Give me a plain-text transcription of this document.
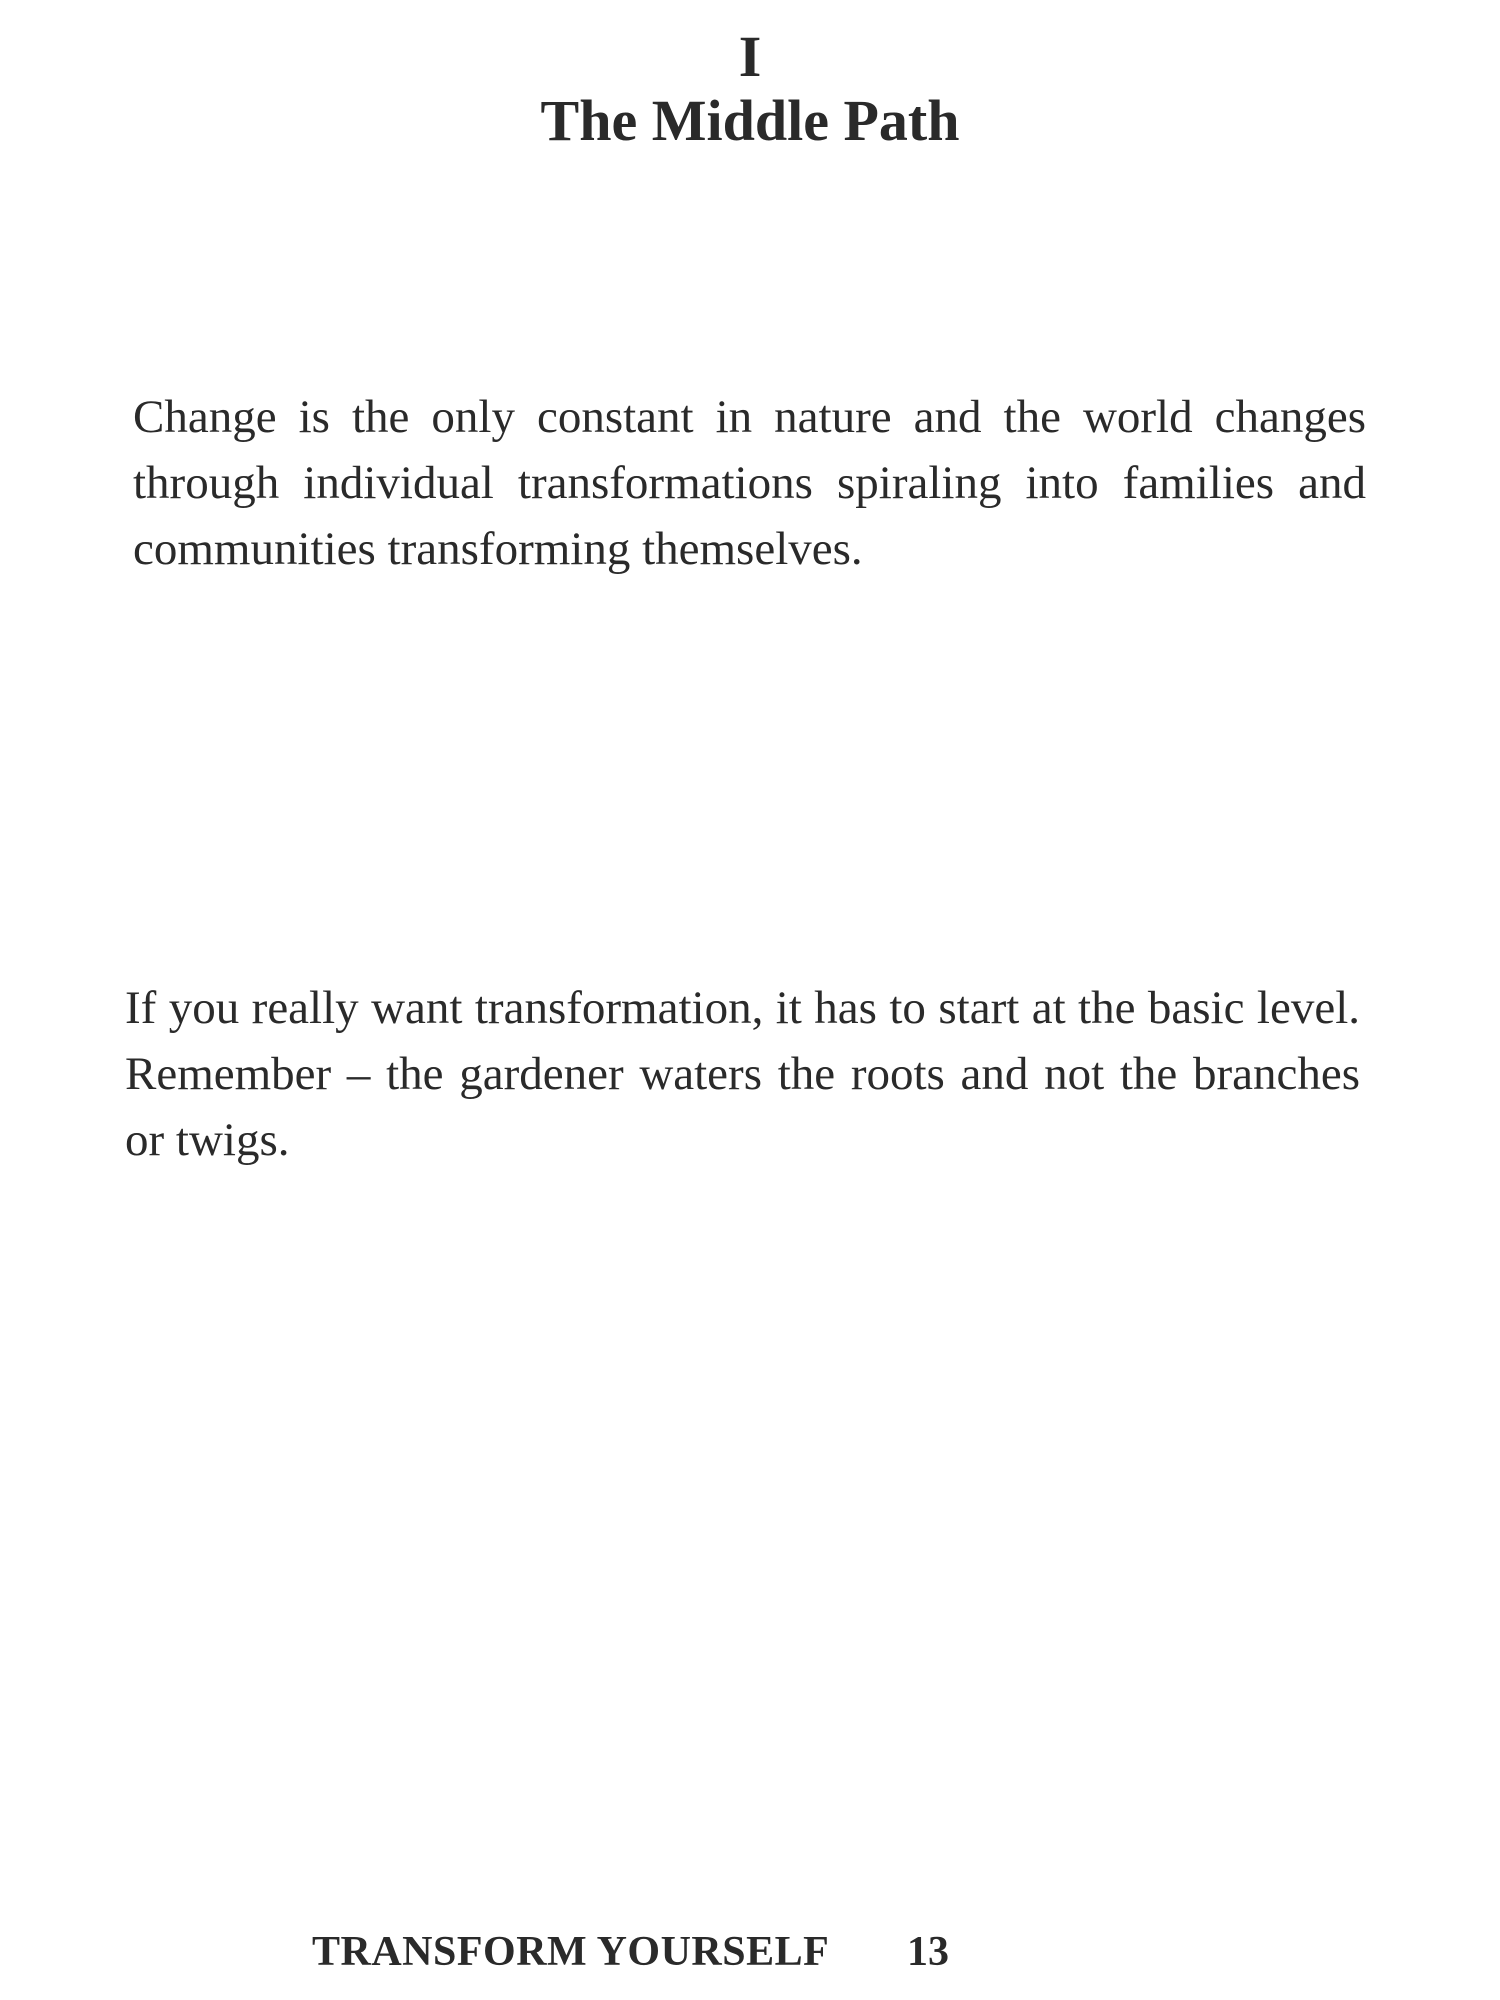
I
The Middle Path

Change is the only constant in nature and the world changes
through individual transformations spiraling into families and
communities transforming themselves.

If you really want transformation, it has to start at the basic level.
Remember – the gardener waters the roots and not the branches
or twigs.

TRANSFORM YOURSELF 13
